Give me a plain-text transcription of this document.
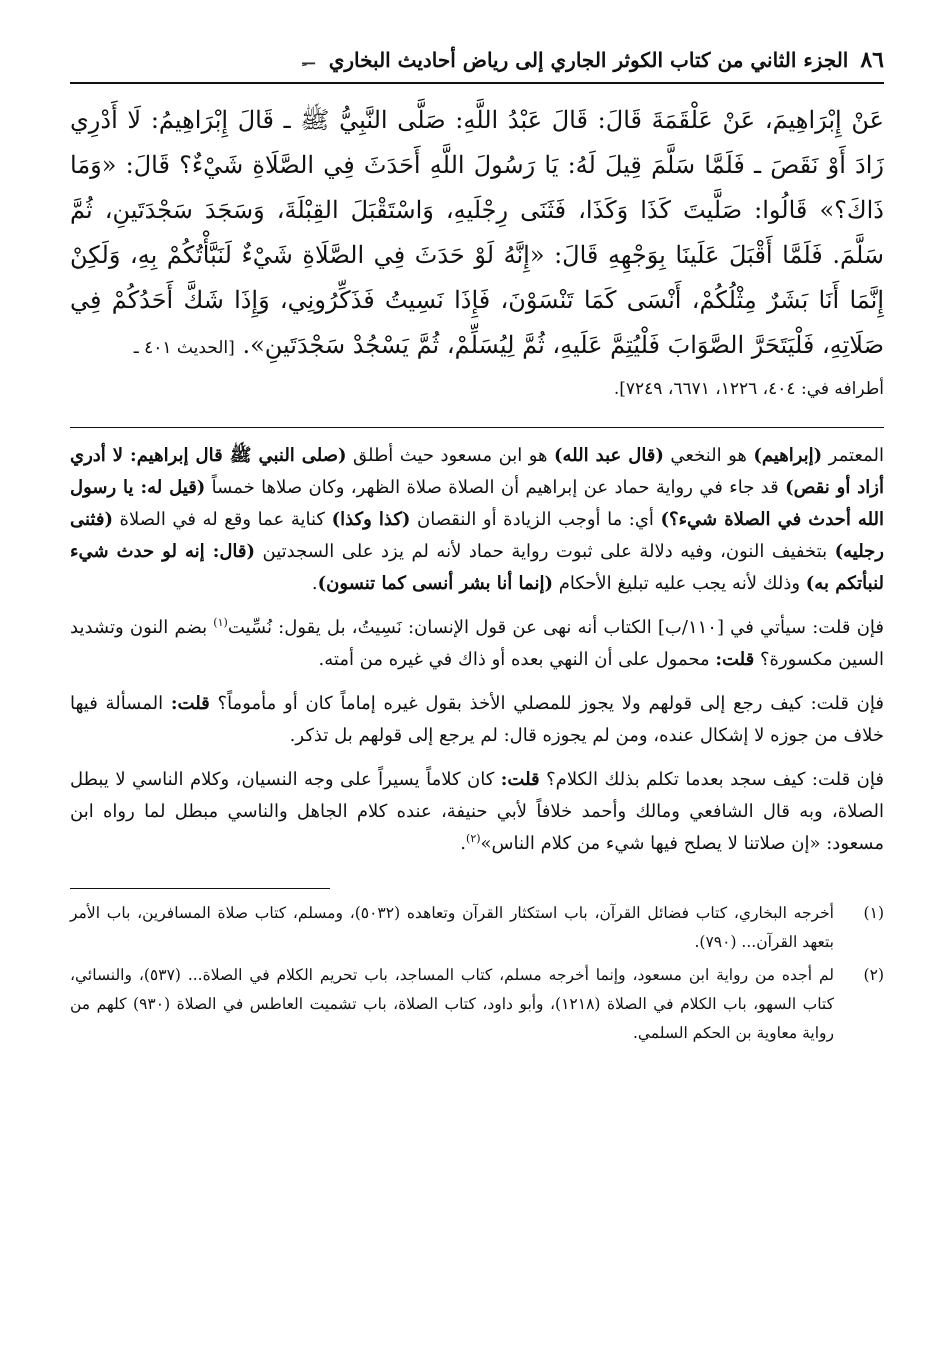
٨٦
الجزء الثاني من كتاب الكوثر الجاري إلى رياض أحاديث البخاري
ـــِ
عَنْ إِبْرَاهِيمَ، عَنْ عَلْقَمَةَ قَالَ: قَالَ عَبْدُ اللَّهِ: صَلَّى النَّبِيُّ ﷺ ـ قَالَ إِبْرَاهِيمُ: لَا أَدْرِي زَادَ أَوْ نَقَصَ ـ فَلَمَّا سَلَّمَ قِيلَ لَهُ: يَا رَسُولَ اللَّهِ أَحَدَثَ فِي الصَّلَاةِ شَيْءٌ؟ قَالَ: «وَمَا ذَاكَ؟» قَالُوا: صَلَّيتَ كَذَا وَكَذَا، فَثَنَى رِجْلَيهِ، وَاسْتَقْبَلَ القِبْلَةَ، وَسَجَدَ سَجْدَتَينِ، ثُمَّ سَلَّمَ. فَلَمَّا أَقْبَلَ عَلَينَا بِوَجْهِهِ قَالَ: «إِنَّهُ لَوْ حَدَثَ فِي الصَّلَاةِ شَيْءٌ لَنَبَّأْتُكُمْ بِهِ، وَلَكِنْ إِنَّمَا أَنَا بَشَرٌ مِثْلُكُمْ، أَنْسَى كَمَا تَنْسَوْنَ، فَإِذَا نَسِيتُ فَذَكِّرُونِي، وَإِذَا شَكَّ أَحَدُكُمْ فِي صَلَاتِهِ، فَلْيَتَحَرَّ الصَّوَابَ فَلْيُتِمَّ عَلَيهِ، ثُمَّ لِيُسَلِّمْ، ثُمَّ يَسْجُدْ سَجْدَتَينِ». [الحديث ٤٠١ ـ
أطرافه في: ٤٠٤، ١٢٢٦، ٦٦٧١، ٧٢٤٩].

المعتمر (إبراهيم) هو النخعي (قال عبد الله) هو ابن مسعود حيث أطلق (صلى النبي ﷺ قال إبراهيم: لا أدري أزاد أو نقص) قد جاء في رواية حماد عن إبراهيم أن الصلاة صلاة الظهر، وكان صلاها خمساً (قيل له: يا رسول الله أحدث في الصلاة شيء؟) أي: ما أوجب الزيادة أو النقصان (كذا وكذا) كناية عما وقع له في الصلاة (فثنى رجليه) بتخفيف النون، وفيه دلالة على ثبوت رواية حماد لأنه لم يزد على السجدتين (قال: إنه لو حدث شيء لنبأتكم به) وذلك لأنه يجب عليه تبليغ الأحكام (إنما أنا بشر أنسى كما تنسون).

فإن قلت: سيأتي في [١١٠/ب] الكتاب أنه نهى عن قول الإنسان: نَسِيتُ، بل يقول: نُسِّيت$^{(١)}$ بضم النون وتشديد السين مكسورة؟ قلت: محمول على أن النهي بعده أو ذاك في غيره من أمته.

فإن قلت: كيف رجع إلى قولهم ولا يجوز للمصلي الأخذ بقول غيره إماماً كان أو مأموماً؟ قلت: المسألة فيها خلاف من جوزه لا إشكال عنده، ومن لم يجوزه قال: لم يرجع إلى قولهم بل تذكر.

فإن قلت: كيف سجد بعدما تكلم بذلك الكلام؟ قلت: كان كلاماً يسيراً على وجه النسيان، وكلام الناسي لا يبطل الصلاة، وبه قال الشافعي ومالك وأحمد خلافاً لأبي حنيفة، عنده كلام الجاهل والناسي مبطل لما رواه ابن مسعود: «إن صلاتنا لا يصلح فيها شيء من كلام الناس»$^{(٢)}$.

(١)
أخرجه البخاري، كتاب فضائل القرآن، باب استكثار القرآن وتعاهده (٥٠٣٢)، ومسلم، كتاب صلاة المسافرين، باب الأمر بتعهد القرآن... (٧٩٠).
(٢)
لم أجده من رواية ابن مسعود، وإنما أخرجه مسلم، كتاب المساجد، باب تحريم الكلام في الصلاة... (٥٣٧)، والنسائي، كتاب السهو، باب الكلام في الصلاة (١٢١٨)، وأبو داود، كتاب الصلاة، باب تشميت العاطس في الصلاة (٩٣٠) كلهم من رواية معاوية بن الحكم السلمي.
